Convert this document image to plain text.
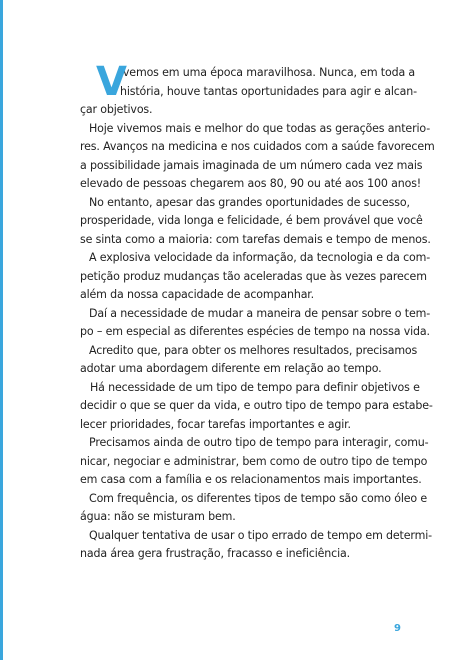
V
ivemos em uma época maravilhosa. Nunca, em toda a
história, houve tantas oportunidades para agir e alcan-
çar objetivos.
Hoje vivemos mais e melhor do que todas as gerações anterio-
res. Avanços na medicina e nos cuidados com a saúde favorecem
a possibilidade jamais imaginada de um número cada vez mais
elevado de pessoas chegarem aos 80, 90 ou até aos 100 anos!
No entanto, apesar das grandes oportunidades de sucesso,
prosperidade, vida longa e felicidade, é bem provável que você
se sinta como a maioria: com tarefas demais e tempo de menos.
A explosiva velocidade da informação, da tecnologia e da com-
petição produz mudanças tão aceleradas que às vezes parecem
além da nossa capacidade de acompanhar.
Daí a necessidade de mudar a maneira de pensar sobre o tem-
po – em especial as diferentes espécies de tempo na nossa vida.
Acredito que, para obter os melhores resultados, precisamos
adotar uma abordagem diferente em relação ao tempo.
Há necessidade de um tipo de tempo para definir objetivos e
decidir o que se quer da vida, e outro tipo de tempo para estabe-
lecer prioridades, focar tarefas importantes e agir.
Precisamos ainda de outro tipo de tempo para interagir, comu-
nicar, negociar e administrar, bem como de outro tipo de tempo
em casa com a família e os relacionamentos mais importantes.
Com frequência, os diferentes tipos de tempo são como óleo e
água: não se misturam bem.
Qualquer tentativa de usar o tipo errado de tempo em determi-
nada área gera frustração, fracasso e ineficiência.
9
